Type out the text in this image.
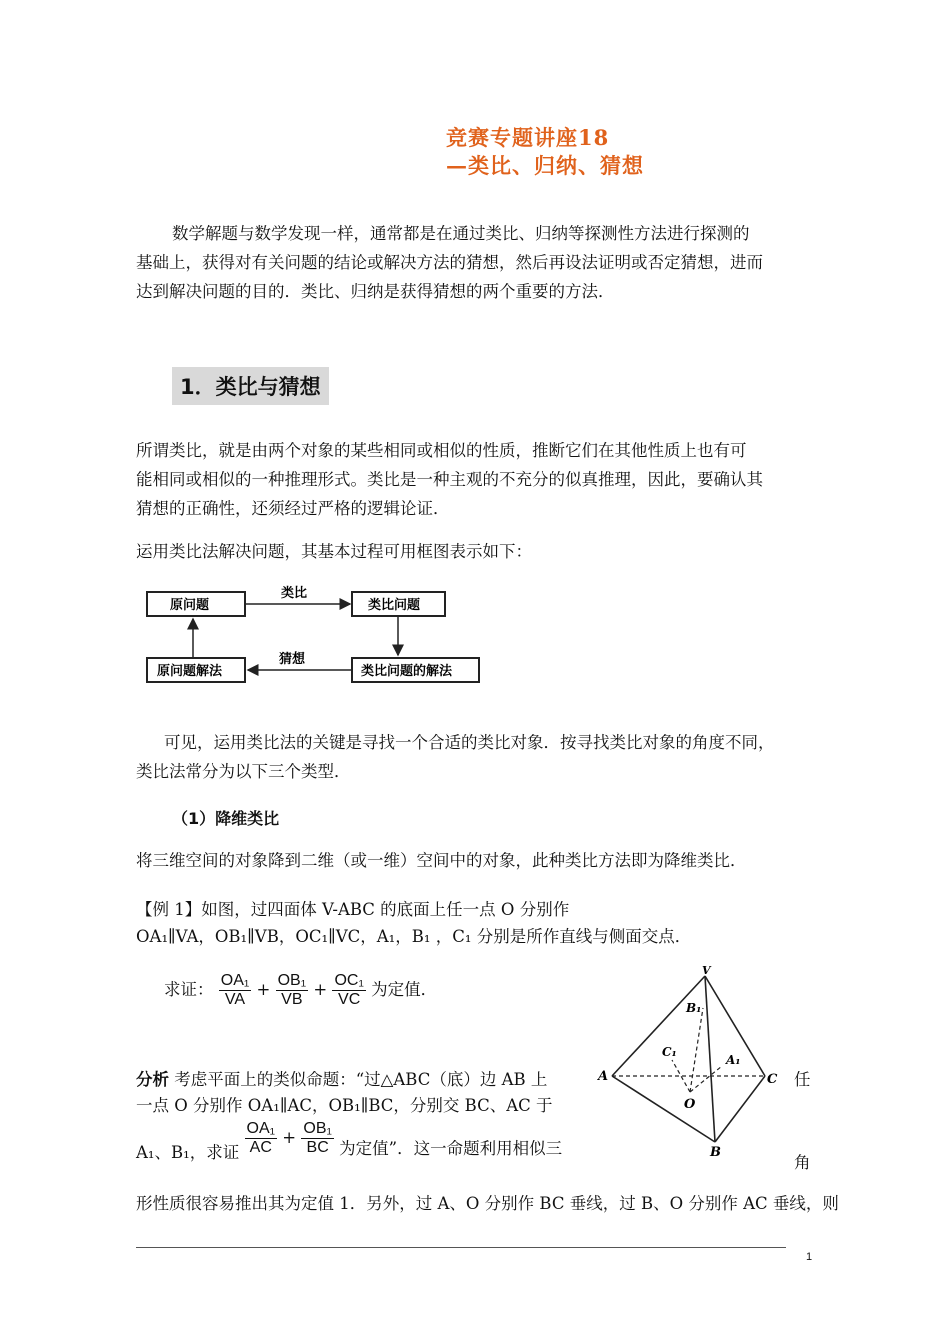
竞赛专题讲座18
—类比、归纳、猜想
数学解题与数学发现一样，通常都是在通过类比、归纳等探测性方法进行探测的
基础上，获得对有关问题的结论或解决方法的猜想，然后再设法证明或否定猜想，进而
达到解决问题的目的．类比、归纳是获得猜想的两个重要的方法．
1．类比与猜想
所谓类比，就是由两个对象的某些相同或相似的性质，推断它们在其他性质上也有可
能相同或相似的一种推理形式。类比是一种主观的不充分的似真推理，因此，要确认其
猜想的正确性，还须经过严格的逻辑论证．
运用类比法解决问题，其基本过程可用框图表示如下：
原问题	类比问题
原问题解法	类比问题的解法
类比
猜想
可见，运用类比法的关键是寻找一个合适的类比对象．按寻找类比对象的角度不同，
类比法常分为以下三个类型．
（1）降维类比
将三维空间的对象降到二维（或一维）空间中的对象，此种类比方法即为降维类比．
【例 1】如图，过四面体 V-ABC 的底面上任一点 O 分别作
OA₁∥VA，OB₁∥VB，OC₁∥VC，A₁，B₁ ，C₁ 分别是所作直线与侧面交点．
求证： $\frac{\text{OA₁}}{VA} + \frac{\text{OB₁}}{VB} + \frac{\text{OC₁}}{VC}$ 为定值．
V
A	C
B
O
B₁
C₁
A₁
分析 考虑平面上的类似命题：“过△ABC（底）边 AB 上	任
一点 O 分别作 OA₁∥AC，OB₁∥BC，分别交 BC、AC 于
A₁、B₁，求证 $\frac{\text{OA₁}}{AC} + \frac{\text{OB₁}}{BC}$ 为定值”．这一命题利用相似三
角
形性质很容易推出其为定值 1．另外，过 A、O 分别作 BC 垂线，过 B、O 分别作 AC 垂线，则
1
